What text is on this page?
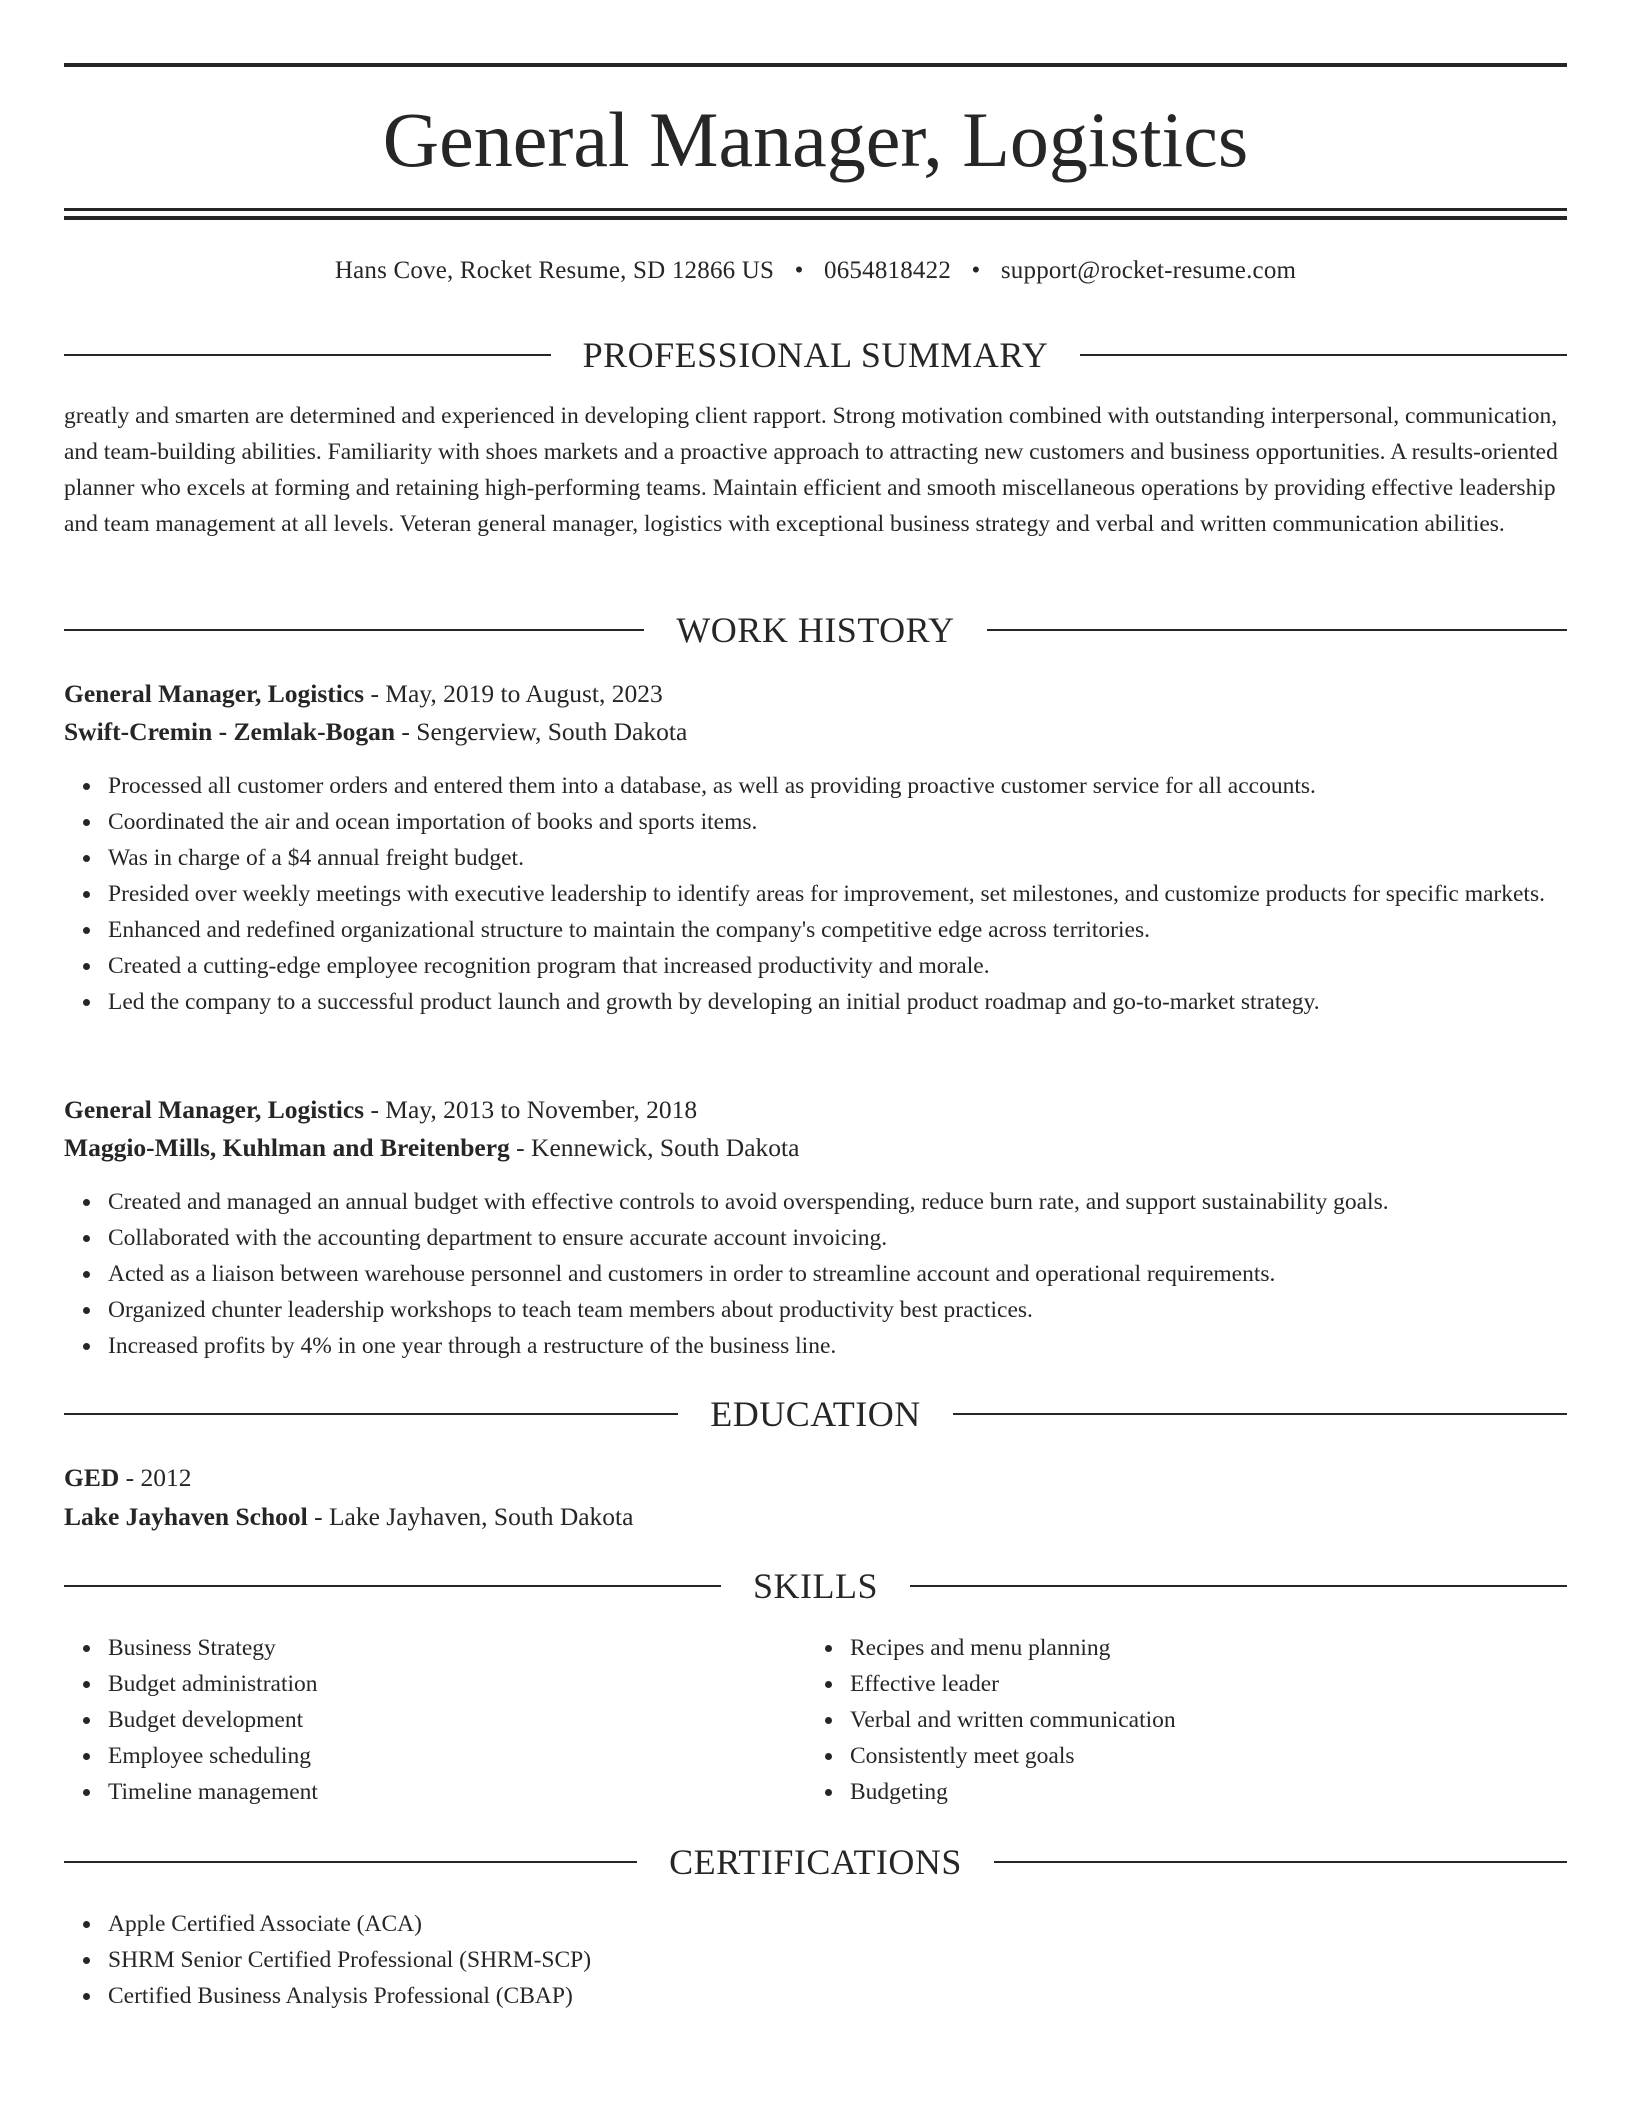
General Manager, Logistics
Hans Cove, Rocket Resume, SD 12866 US • 0654818422 • support@rocket-resume.com
PROFESSIONAL SUMMARY

greatly and smarten are determined and experienced in developing client rapport. Strong motivation combined with outstanding interpersonal, communication, and team-building abilities. Familiarity with shoes markets and a proactive approach to attracting new customers and business opportunities. A results-oriented planner who excels at forming and retaining high-performing teams. Maintain efficient and smooth miscellaneous operations by providing effective leadership and team management at all levels. Veteran general manager, logistics with exceptional business strategy and verbal and written communication abilities.

WORK HISTORY
General Manager, Logistics - May, 2019 to August, 2023
Swift-Cremin - Zemlak-Bogan - Sengerview, South Dakota
Processed all customer orders and entered them into a database, as well as providing proactive customer service for all accounts.
Coordinated the air and ocean importation of books and sports items.
Was in charge of a $4 annual freight budget.
Presided over weekly meetings with executive leadership to identify areas for improvement, set milestones, and customize products for specific markets.
Enhanced and redefined organizational structure to maintain the company's competitive edge across territories.
Created a cutting-edge employee recognition program that increased productivity and morale.
Led the company to a successful product launch and growth by developing an initial product roadmap and go-to-market strategy.
General Manager, Logistics - May, 2013 to November, 2018
Maggio-Mills, Kuhlman and Breitenberg - Kennewick, South Dakota
Created and managed an annual budget with effective controls to avoid overspending, reduce burn rate, and support sustainability goals.
Collaborated with the accounting department to ensure accurate account invoicing.
Acted as a liaison between warehouse personnel and customers in order to streamline account and operational requirements.
Organized chunter leadership workshops to teach team members about productivity best practices.
Increased profits by 4% in one year through a restructure of the business line.
EDUCATION
GED - 2012
Lake Jayhaven School - Lake Jayhaven, South Dakota
SKILLS
Business Strategy
Budget administration
Budget development
Employee scheduling
Timeline management
Recipes and menu planning
Effective leader
Verbal and written communication
Consistently meet goals
Budgeting
CERTIFICATIONS
Apple Certified Associate (ACA)
SHRM Senior Certified Professional (SHRM-SCP)
Certified Business Analysis Professional (CBAP)
